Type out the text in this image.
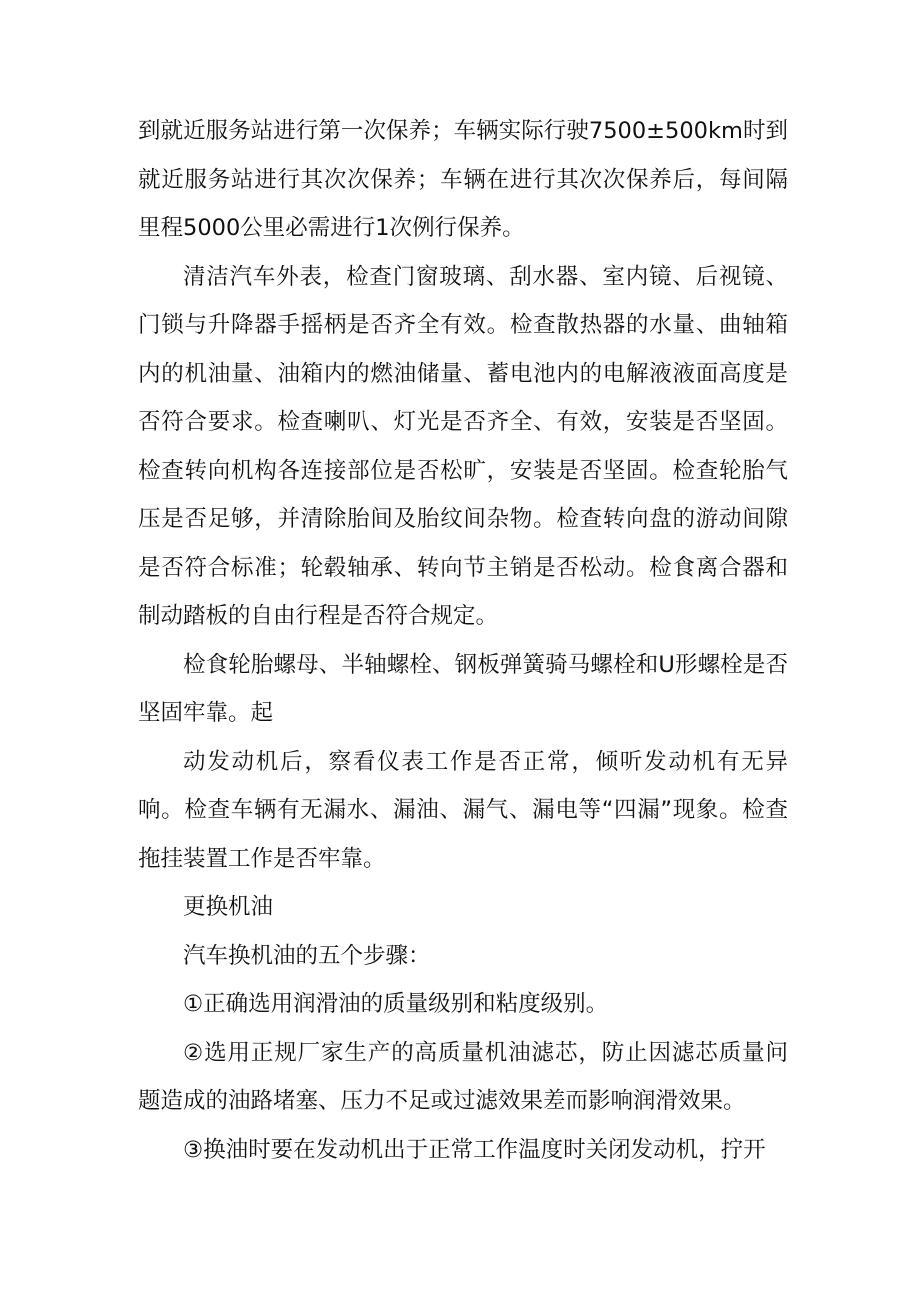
到就近服务站进行第一次保养；车辆实际行驶7500±500km时到就近服务站进行其次次保养；车辆在进行其次次保养后，每间隔里程5000公里必需进行1次例行保养。

清洁汽车外表，检查门窗玻璃、刮水器、室内镜、后视镜、门锁与升降器手摇柄是否齐全有效。检查散热器的水量、曲轴箱内的机油量、油箱内的燃油储量、蓄电池内的电解液液面高度是否符合要求。检查喇叭、灯光是否齐全、有效，安装是否坚固。检查转向机构各连接部位是否松旷，安装是否坚固。检查轮胎气压是否足够，并清除胎间及胎纹间杂物。检查转向盘的游动间隙是否符合标准；轮毂轴承、转向节主销是否松动。检食离合器和制动踏板的自由行程是否符合规定。

检食轮胎螺母、半轴螺栓、钢板弹簧骑马螺栓和U形螺栓是否坚固牢靠。起

动发动机后，察看仪表工作是否正常，倾听发动机有无异响。检查车辆有无漏水、漏油、漏气、漏电等“四漏”现象。检查拖挂装置工作是否牢靠。

更换机油

汽车换机油的五个步骤：

①正确选用润滑油的质量级别和粘度级别。

②选用正规厂家生产的高质量机油滤芯，防止因滤芯质量问题造成的油路堵塞、压力不足或过滤效果差而影响润滑效果。

③换油时要在发动机出于正常工作温度时关闭发动机，拧开
